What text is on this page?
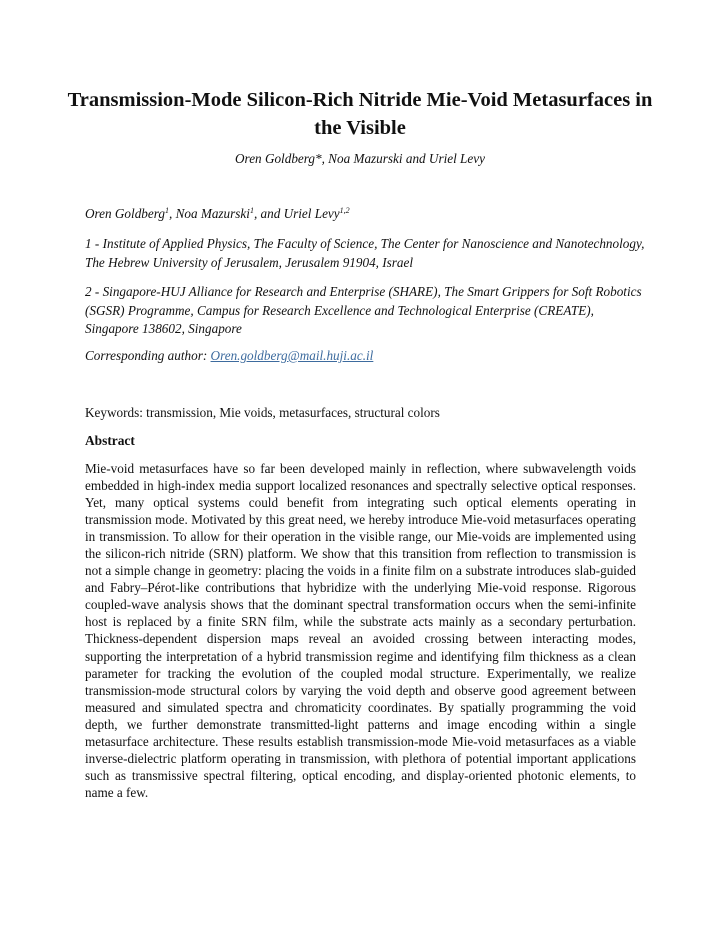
Transmission-Mode Silicon-Rich Nitride Mie-Void Metasurfaces in the Visible

Oren Goldberg*, Noa Mazurski and Uriel Levy

Oren Goldberg$^1$, Noa Mazurski$^1$, and Uriel Levy$^{1,2}$

1 - Institute of Applied Physics, The Faculty of Science, The Center for Nanoscience and Nanotechnology, The Hebrew University of Jerusalem, Jerusalem 91904, Israel

2 - Singapore-HUJ Alliance for Research and Enterprise (SHARE), The Smart Grippers for Soft Robotics (SGSR) Programme, Campus for Research Excellence and Technological Enterprise (CREATE), Singapore 138602, Singapore

Corresponding author: Oren.goldberg@mail.huji.ac.il

Keywords: transmission, Mie voids, metasurfaces, structural colors

Abstract

Mie-void metasurfaces have so far been developed mainly in reflection, where subwavelength voids embedded in high-index media support localized resonances and spectrally selective optical responses. Yet, many optical systems could benefit from integrating such optical elements operating in transmission mode. Motivated by this great need, we hereby introduce Mie-void metasurfaces operating in transmission. To allow for their operation in the visible range, our Mie-voids are implemented using the silicon-rich nitride (SRN) platform. We show that this transition from reflection to transmission is not a simple change in geometry: placing the voids in a finite film on a substrate introduces slab-guided and Fabry–Pérot-like contributions that hybridize with the underlying Mie-void response. Rigorous coupled-wave analysis shows that the dominant spectral transformation occurs when the semi-infinite host is replaced by a finite SRN film, while the substrate acts mainly as a secondary perturbation. Thickness-dependent dispersion maps reveal an avoided crossing between interacting modes, supporting the interpretation of a hybrid transmission regime and identifying film thickness as a clean parameter for tracking the evolution of the coupled modal structure. Experimentally, we realize transmission-mode structural colors by varying the void depth and observe good agreement between measured and simulated spectra and chromaticity coordinates. By spatially programming the void depth, we further demonstrate transmitted-light patterns and image encoding within a single metasurface architecture. These results establish transmission-mode Mie-void metasurfaces as a viable inverse-dielectric platform operating in transmission, with plethora of potential important applications such as transmissive spectral filtering, optical encoding, and display-oriented photonic elements, to name a few.
